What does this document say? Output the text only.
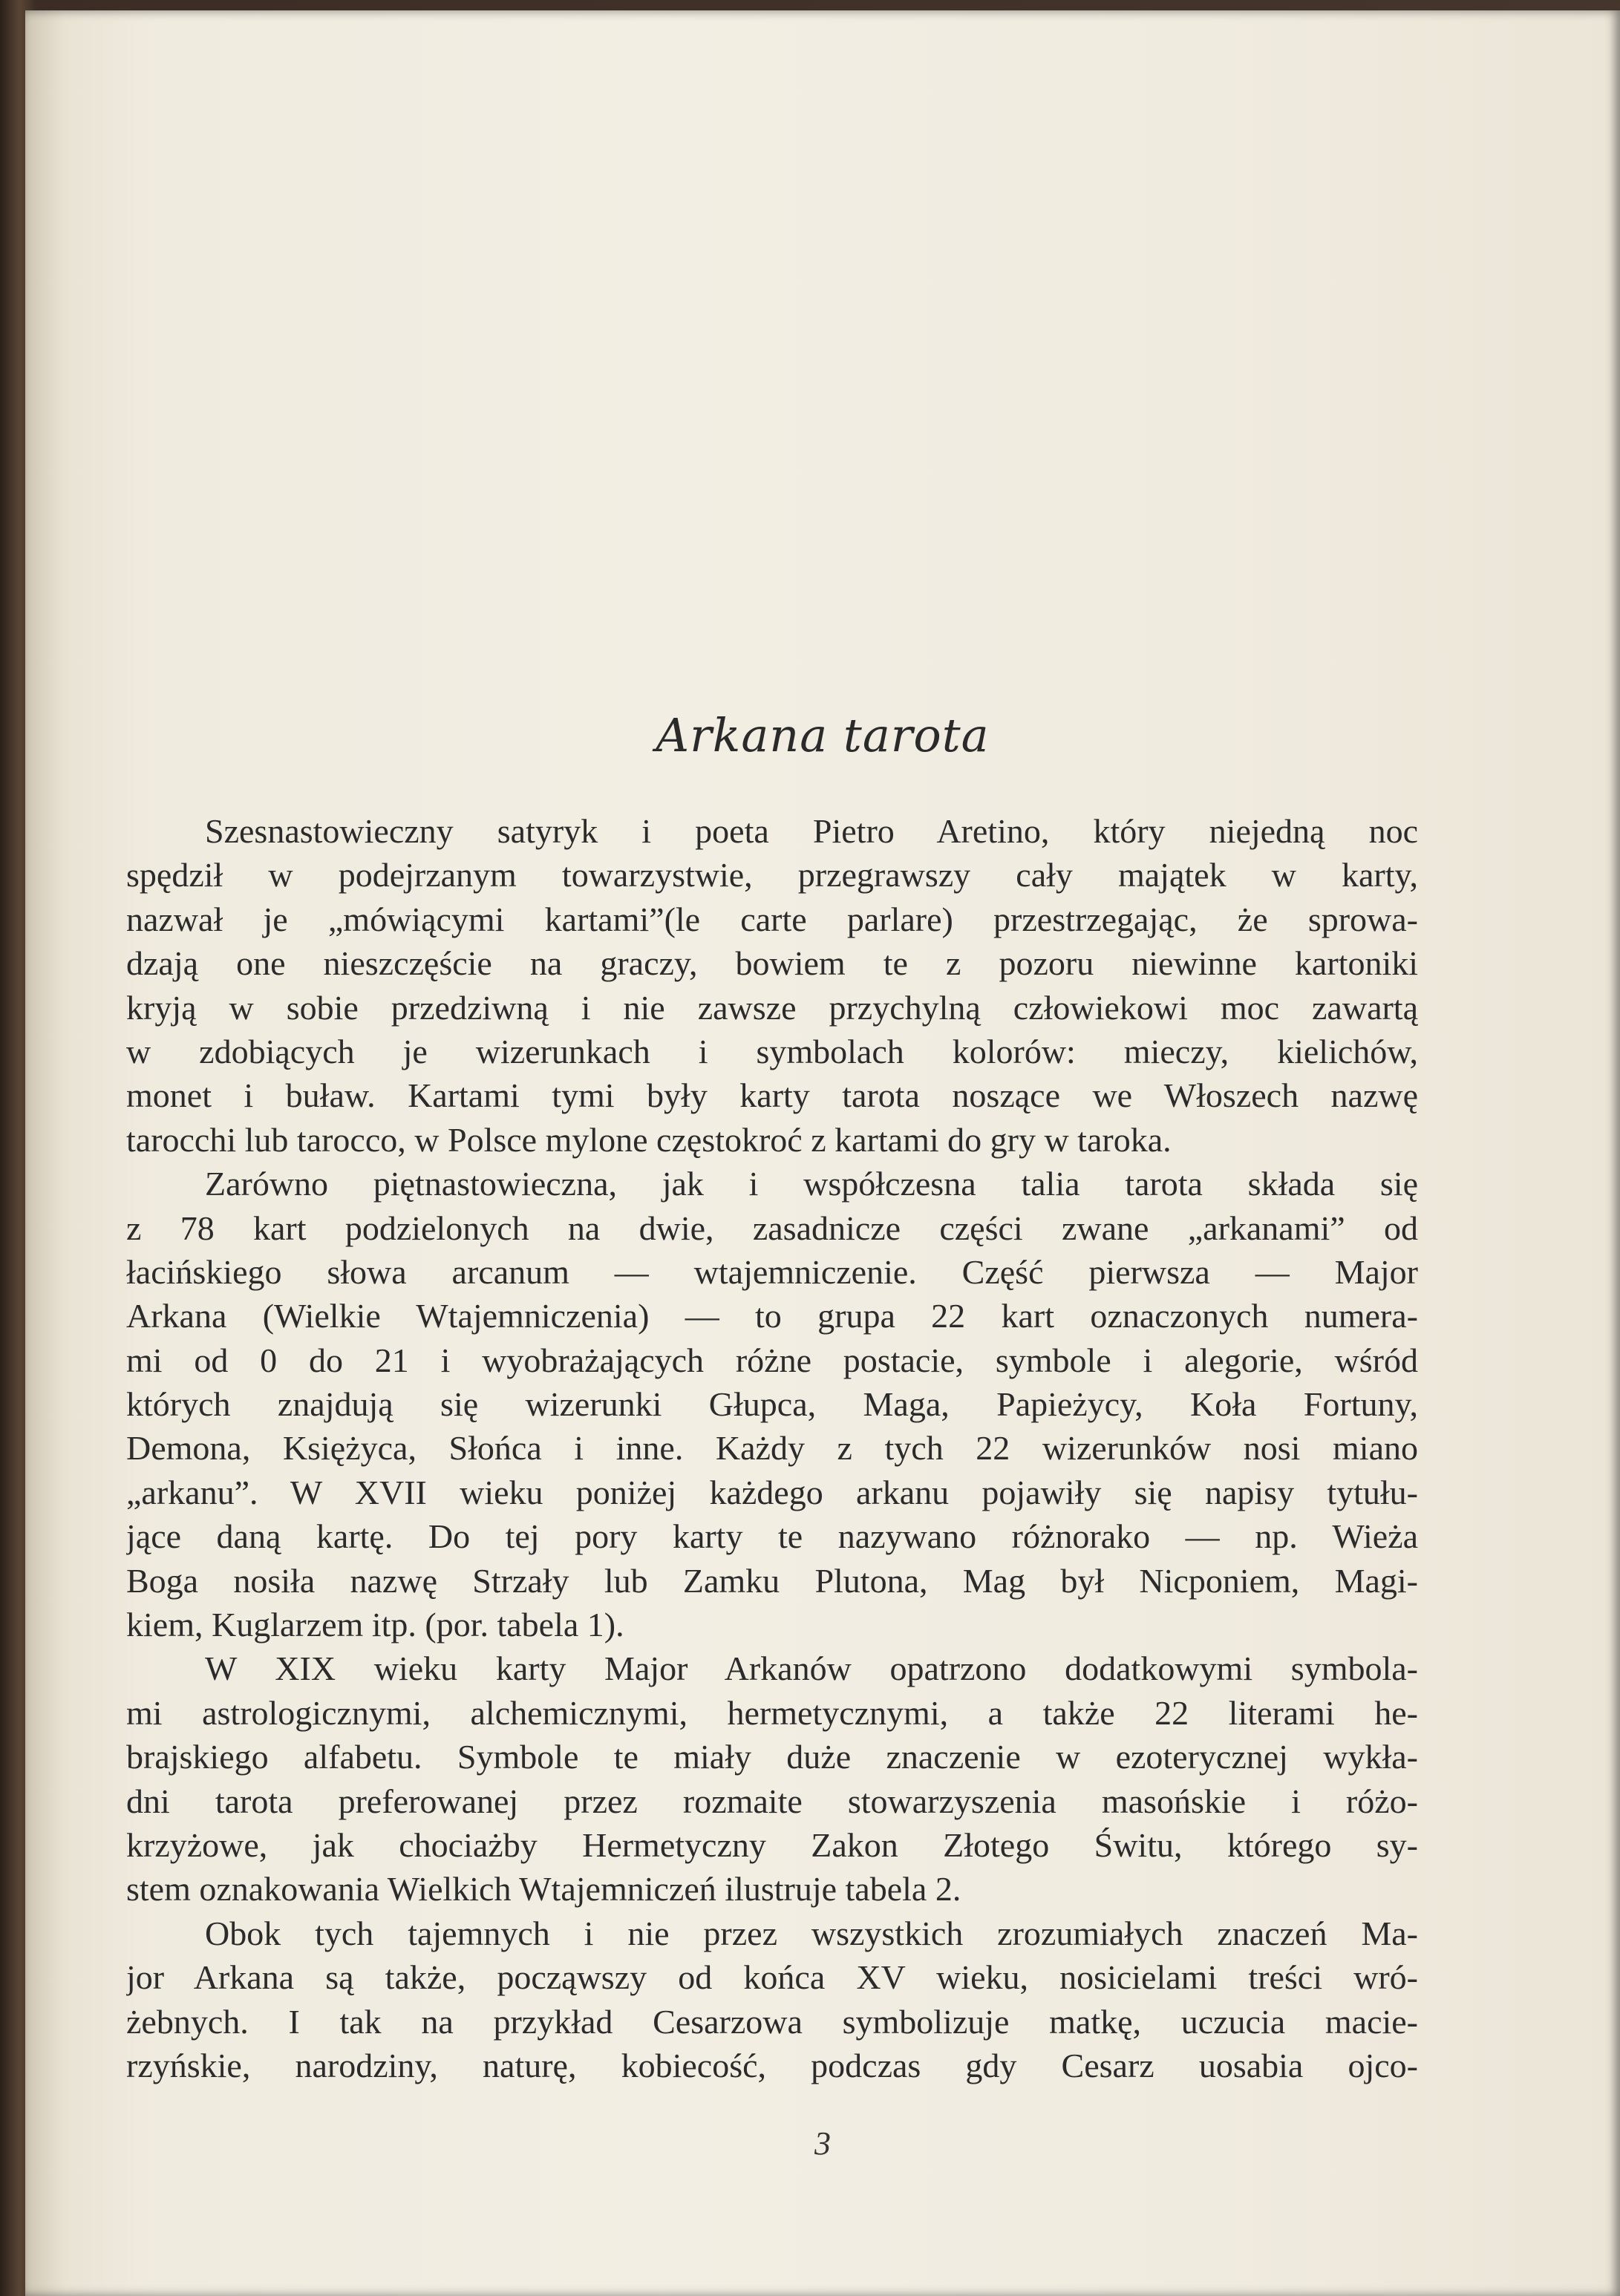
Arkana tarota
Szesnastowieczny satyryk i poeta Pietro Aretino, który niejedną noc
spędził w podejrzanym towarzystwie, przegrawszy cały majątek w karty,
nazwał je „mówiącymi kartami”(le carte parlare) przestrzegając, że sprowa-
dzają one nieszczęście na graczy, bowiem te z pozoru niewinne kartoniki
kryją w sobie przedziwną i nie zawsze przychylną człowiekowi moc zawartą
w zdobiących je wizerunkach i symbolach kolorów: mieczy, kielichów,
monet i buław. Kartami tymi były karty tarota noszące we Włoszech nazwę
tarocchi lub tarocco, w Polsce mylone częstokroć z kartami do gry w taroka.
Zarówno piętnastowieczna, jak i współczesna talia tarota składa się
z 78 kart podzielonych na dwie, zasadnicze części zwane „arkanami” od
łacińskiego słowa arcanum — wtajemniczenie. Część pierwsza — Major
Arkana (Wielkie Wtajemniczenia) — to grupa 22 kart oznaczonych numera-
mi od 0 do 21 i wyobrażających różne postacie, symbole i alegorie, wśród
których znajdują się wizerunki Głupca, Maga, Papieżycy, Koła Fortuny,
Demona, Księżyca, Słońca i inne. Każdy z tych 22 wizerunków nosi miano
„arkanu”. W XVII wieku poniżej każdego arkanu pojawiły się napisy tytułu-
jące daną kartę. Do tej pory karty te nazywano różnorako — np. Wieża
Boga nosiła nazwę Strzały lub Zamku Plutona, Mag był Nicponiem, Magi-
kiem, Kuglarzem itp. (por. tabela 1).
W XIX wieku karty Major Arkanów opatrzono dodatkowymi symbola-
mi astrologicznymi, alchemicznymi, hermetycznymi, a także 22 literami he-
brajskiego alfabetu. Symbole te miały duże znaczenie w ezoterycznej wykła-
dni tarota preferowanej przez rozmaite stowarzyszenia masońskie i różo-
krzyżowe, jak chociażby Hermetyczny Zakon Złotego Świtu, którego sy-
stem oznakowania Wielkich Wtajemniczeń ilustruje tabela 2.
Obok tych tajemnych i nie przez wszystkich zrozumiałych znaczeń Ma-
jor Arkana są także, począwszy od końca XV wieku, nosicielami treści wró-
żebnych. I tak na przykład Cesarzowa symbolizuje matkę, uczucia macie-
rzyńskie, narodziny, naturę, kobiecość, podczas gdy Cesarz uosabia ojco-
3
